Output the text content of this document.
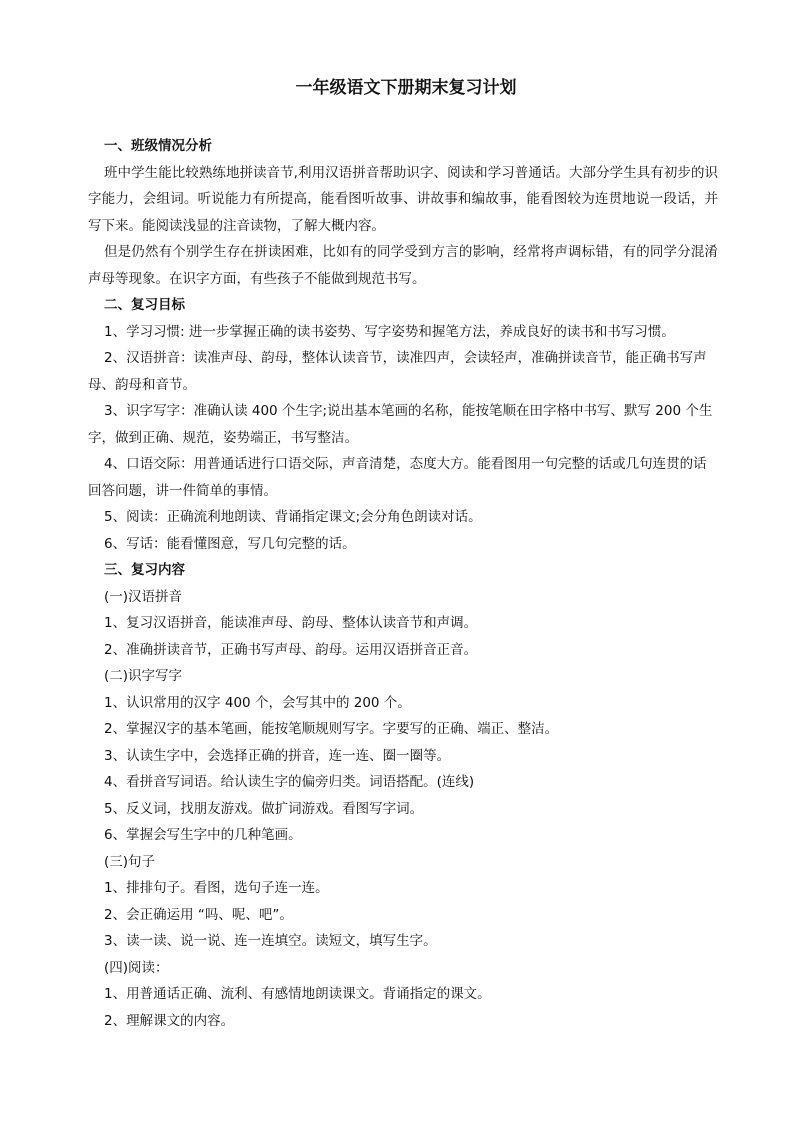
一年级语文下册期末复习计划
一、班级情况分析

班中学生能比较熟练地拼读音节,利用汉语拼音帮助识字、阅读和学习普通话。大部分学生具有初步的识字能力，会组词。听说能力有所提高，能看图听故事、讲故事和编故事，能看图较为连贯地说一段话，并写下来。能阅读浅显的注音读物，了解大概内容。

但是仍然有个别学生存在拼读困难，比如有的同学受到方言的影响，经常将声调标错，有的同学分混淆声母等现象。在识字方面，有些孩子不能做到规范书写。

二、复习目标

1、学习习惯: 进一步掌握正确的读书姿势、写字姿势和握笔方法，养成良好的读书和书写习惯。

2、汉语拼音：读准声母、韵母，整体认读音节，读准四声，会读轻声，准确拼读音节，能正确书写声母、韵母和音节。

3、识字写字：准确认读 400 个生字;说出基本笔画的名称，能按笔顺在田字格中书写、默写 200 个生字，做到正确、规范，姿势端正，书写整洁。

4、口语交际：用普通话进行口语交际，声音清楚，态度大方。能看图用一句完整的话或几句连贯的话回答问题，讲一件简单的事情。

5、阅读：正确流利地朗读、背诵指定课文;会分角色朗读对话。

6、写话：能看懂图意，写几句完整的话。

三、复习内容

(一)汉语拼音

1、复习汉语拼音，能读准声母、韵母、整体认读音节和声调。

2、准确拼读音节，正确书写声母、韵母。运用汉语拼音正音。

(二)识字写字

1、认识常用的汉字 400 个，会写其中的 200 个。

2、掌握汉字的基本笔画，能按笔顺规则写字。字要写的正确、端正、整洁。

3、认读生字中，会选择正确的拼音，连一连、圈一圈等。

4、看拼音写词语。给认读生字的偏旁归类。词语搭配。(连线)

5、反义词，找朋友游戏。做扩词游戏。看图写字词。

6、掌握会写生字中的几种笔画。

(三)句子

1、排排句子。看图，选句子连一连。

2、会正确运用 “吗、呢、吧”。

3、读一读、说一说、连一连填空。读短文，填写生字。

(四)阅读：

1、用普通话正确、流利、有感情地朗读课文。背诵指定的课文。

2、理解课文的内容。
